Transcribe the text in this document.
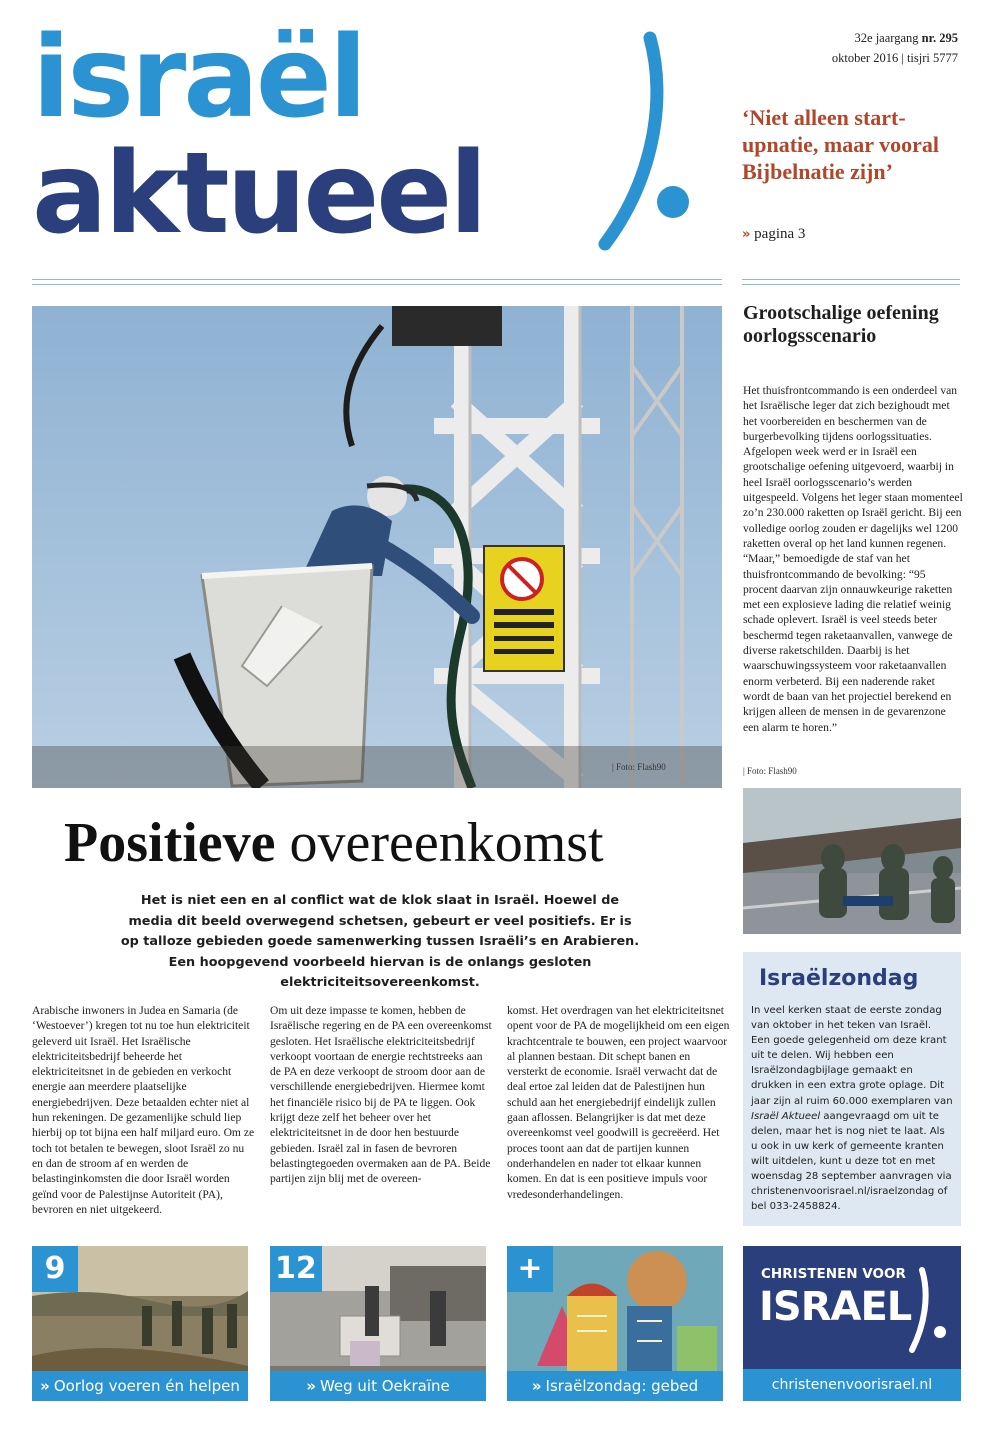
israël
aktueel
32e jaargang nr. 295
oktober 2016 | tisjri 5777
‘Niet alleen start-upnatie, maar vooral Bijbelnatie zijn’
» pagina 3
| Foto: Flash90
Grootschalige oefening oorlogsscenario
Het thuisfrontcommando is een onderdeel van het Israëlische leger dat zich bezighoudt met het voorbereiden en beschermen van de burgerbevolking tijdens oorlogssituaties. Afgelopen week werd er in Israël een grootschalige oefening uitgevoerd, waarbij in heel Israël oorlogsscenario’s werden uitgespeeld. Volgens het leger staan momenteel zo’n 230.000 raketten op Israël gericht. Bij een volledige oorlog zouden er dagelijks wel 1200 raketten overal op het land kunnen regenen. “Maar,” bemoedigde de staf van het thuisfrontcommando de bevolking: “95 procent daarvan zijn onnauwkeurige raketten met een explosieve lading die relatief weinig schade oplevert. Israël is veel steeds beter beschermd tegen raketaanvallen, vanwege de diverse raketschilden. Daarbij is het waarschuwingssysteem voor raketaanvallen enorm verbeterd. Bij een naderende raket wordt de baan van het projectiel berekend en krijgen alleen de mensen in de gevarenzone een alarm te horen.”
| Foto: Flash90
Israëlzondag
In veel kerken staat de eerste zondag van oktober in het teken van Israël. Een goede gelegenheid om deze krant uit te delen. Wij hebben een Israëlzondagbijlage gemaakt en drukken in een extra grote oplage. Dit jaar zijn al ruim 60.000 exemplaren van Israël Aktueel aangevraagd om uit te delen, maar het is nog niet te laat. Als u ook in uw kerk of gemeente kranten wilt uitdelen, kunt u deze tot en met woensdag 28 september aanvragen via christenenvoorisrael.nl/israelzondag of bel 033-2458824.
Positieve overeenkomst
Het is niet een en al conflict wat de klok slaat in Israël. Hoewel de media dit beeld overwegend schetsen, gebeurt er veel positiefs. Er is op talloze gebieden goede samenwerking tussen Israëli’s en Arabieren. Een hoopgevend voorbeeld hiervan is de onlangs gesloten elektriciteitsovereenkomst.
Arabische inwoners in Judea en Samaria (de ‘Westoever’) kregen tot nu toe hun elektriciteit geleverd uit Israël. Het Israëlische elektriciteitsbedrijf beheerde het elektriciteitsnet in de gebieden en verkocht energie aan meerdere plaatselijke energiebedrijven. Deze betaalden echter niet al hun rekeningen. De gezamenlijke schuld liep hierbij op tot bijna een half miljard euro. Om ze toch tot betalen te bewegen, sloot Israël zo nu en dan de stroom af en werden de belastinginkomsten die door Israël worden geïnd voor de Palestijnse Autoriteit (PA), bevroren en niet uitgekeerd.
Om uit deze impasse te komen, hebben de Israëlische regering en de PA een overeenkomst gesloten. Het Israëlische elektriciteitsbedrijf verkoopt voortaan de energie rechtstreeks aan de PA en deze verkoopt de stroom door aan de verschillende energiebedrijven. Hiermee komt het financiële risico bij de PA te liggen. Ook krijgt deze zelf het beheer over het elektriciteitsnet in de door hen bestuurde gebieden. Israël zal in fasen de bevroren belastingtegoeden overmaken aan de PA. Beide partijen zijn blij met de overeen-
komst. Het overdragen van het elektriciteitsnet opent voor de PA de mogelijkheid om een eigen krachtcentrale te bouwen, een project waarvoor al plannen bestaan. Dit schept banen en versterkt de economie. Israël verwacht dat de deal ertoe zal leiden dat de Palestijnen hun schuld aan het energiebedrijf eindelijk zullen gaan aflossen. Belangrijker is dat met deze overeenkomst veel goodwill is gecreëerd. Het proces toont aan dat de partijen kunnen onderhandelen en nader tot elkaar kunnen komen. En dat is een positieve impuls voor vredesonderhandelingen.
9
» Oorlog voeren én helpen
12
» Weg uit Oekraïne
+
» Israëlzondag: gebed
CHRISTENEN VOOR
ISRAEL
christenenvoorisrael.nl
